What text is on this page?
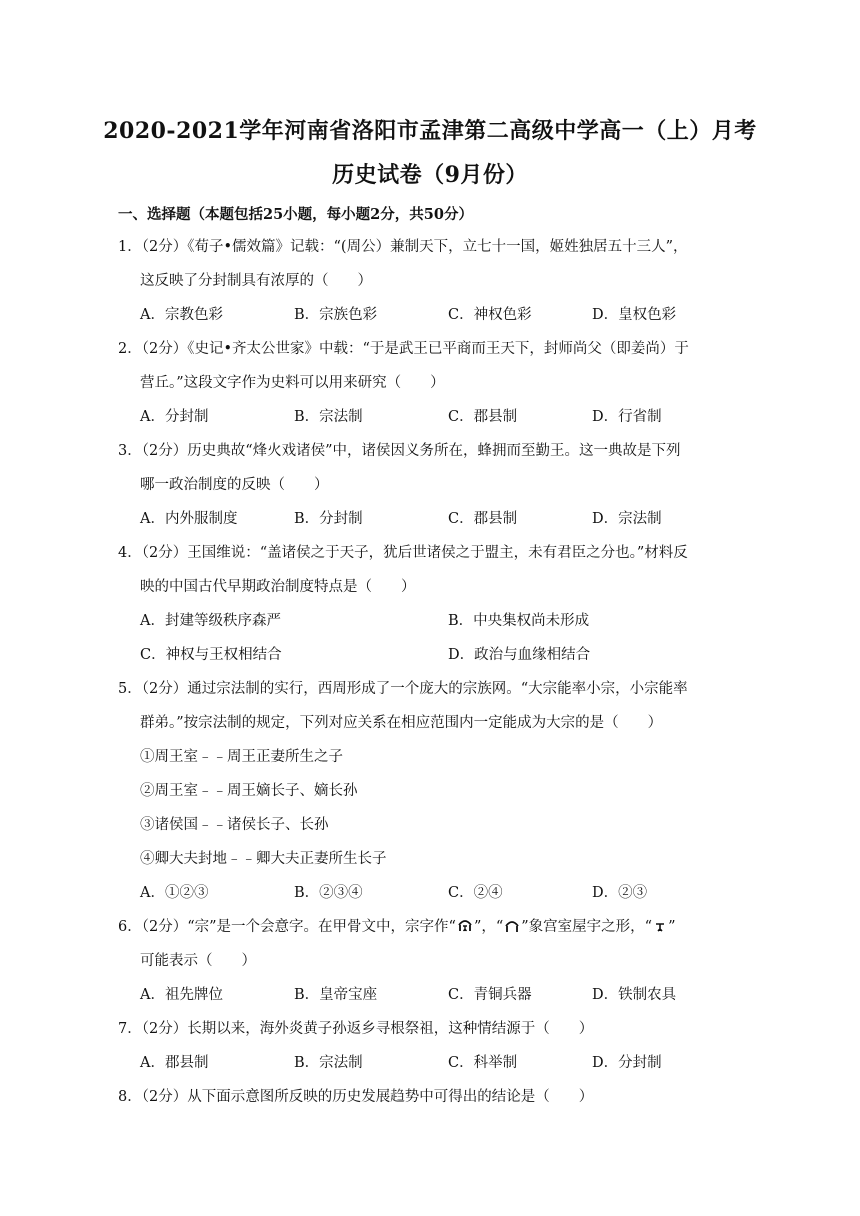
2020-2021学年河南省洛阳市孟津第二高级中学高一（上）月考
历史试卷（9月份）
一、选择题（本题包括25小题，每小题2分，共50分）
1．（2分）《荀子•儒效篇》记载：“(周公）兼制天下，立七十一国，姬姓独居五十三人”，
这反映了分封制具有浓厚的（　　）
A．宗教色彩	B．宗族色彩	C．神权色彩	D．皇权色彩
2．（2分）《史记•齐太公世家》中载：“于是武王已平商而王天下，封师尚父（即姜尚）于
营丘。”这段文字作为史料可以用来研究（　　）
A．分封制	B．宗法制	C．郡县制	D．行省制
3．（2分）历史典故“烽火戏诸侯”中，诸侯因义务所在，蜂拥而至勤王。这一典故是下列
哪一政治制度的反映（　　）
A．内外服制度	B．分封制	C．郡县制	D．宗法制
4．（2分）王国维说：“盖诸侯之于天子，犹后世诸侯之于盟主，未有君臣之分也。”材料反
映的中国古代早期政治制度特点是（　　）
A．封建等级秩序森严	B．中央集权尚未形成
C．神权与王权相结合	D．政治与血缘相结合
5．（2分）通过宗法制的实行，西周形成了一个庞大的宗族网。“大宗能率小宗，小宗能率
群弟。”按宗法制的规定，下列对应关系在相应范围内一定能成为大宗的是（　　）
①周王室﹣﹣周王正妻所生之子
②周王室﹣﹣周王嫡长子、嫡长孙
③诸侯国﹣﹣诸侯长子、长孙
④卿大夫封地﹣﹣卿大夫正妻所生长子
A．①②③	B．②③④	C．②④	D．②③
6．（2分）“宗”是一个会意字。在甲骨文中，宗字作“ ”，“ ”象宫室屋宇之形，“ ”
可能表示（　　）
A．祖先牌位	B．皇帝宝座	C．青铜兵器	D．铁制农具
7．（2分）长期以来，海外炎黄子孙返乡寻根祭祖，这种情结源于（　　）
A．郡县制	B．宗法制	C．科举制	D．分封制
8．（2分）从下面示意图所反映的历史发展趋势中可得出的结论是（　　）
